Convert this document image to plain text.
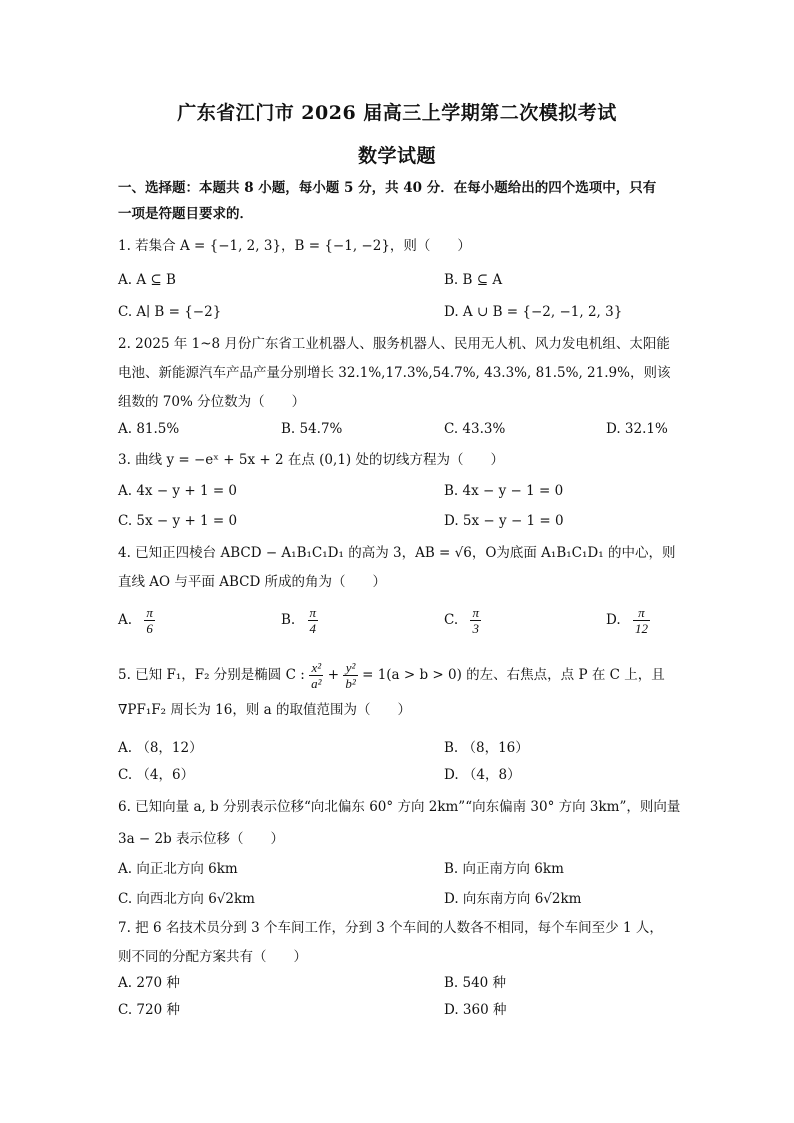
广东省江门市 2026 届高三上学期第二次模拟考试
数学试题
一、选择题：本题共 8 小题，每小题 5 分，共 40 分．在每小题给出的四个选项中，只有
一项是符题目要求的．
1. 若集合 A = {−1, 2, 3}，B = {−1, −2}，则（　　）
A. A ⊆ B	B. B ⊆ A
C. A∣ B = {−2}	D. A ∪ B = {−2, −1, 2, 3}
2. 2025 年 1~8 月份广东省工业机器人、服务机器人、民用无人机、风力发电机组、太阳能
电池、新能源汽车产品产量分别增长 32.1%,17.3%,54.7%, 43.3%, 81.5%, 21.9%，则该
组数的 70% 分位数为（　　）
A. 81.5%	B. 54.7%	C. 43.3%	D. 32.1%
3. 曲线 y = −eˣ + 5x + 2 在点 (0,1) 处的切线方程为（　　）
A. 4x − y + 1 = 0	B. 4x − y − 1 = 0
C. 5x − y + 1 = 0	D. 5x − y − 1 = 0
4. 已知正四棱台 ABCD − A₁B₁C₁D₁ 的高为 3，AB = √6，O为底面 A₁B₁C₁D₁ 的中心，则
直线 AO 与平面 ABCD 所成的角为（　　）
A. $\frac{\pi}{6}$	B. $\frac{\pi}{4}$	C. $\frac{\pi}{3}$	D. $\frac{\pi}{12}$
5. 已知 F₁，F₂ 分别是椭圆 C : $\frac{\text{x²}}{\text{a²}} + \frac{\text{y²}}{\text{b²}} = 1(a > b > 0)$ 的左、右焦点，点 P 在 C 上，且
∇PF₁F₂ 周长为 16，则 a 的取值范围为（　　）
A. （8，12）	B. （8，16）
C. （4，6）	D. （4，8）
6. 已知向量 a, b 分别表示位移“向北偏东 60° 方向 2km”“向东偏南 30° 方向 3km”，则向量
3a − 2b 表示位移（　　）
A. 向正北方向 6km	B. 向正南方向 6km
C. 向西北方向 6√2km	D. 向东南方向 6√2km
7. 把 6 名技术员分到 3 个车间工作，分到 3 个车间的人数各不相同，每个车间至少 1 人，
则不同的分配方案共有（　　）
A. 270 种	B. 540 种
C. 720 种	D. 360 种
